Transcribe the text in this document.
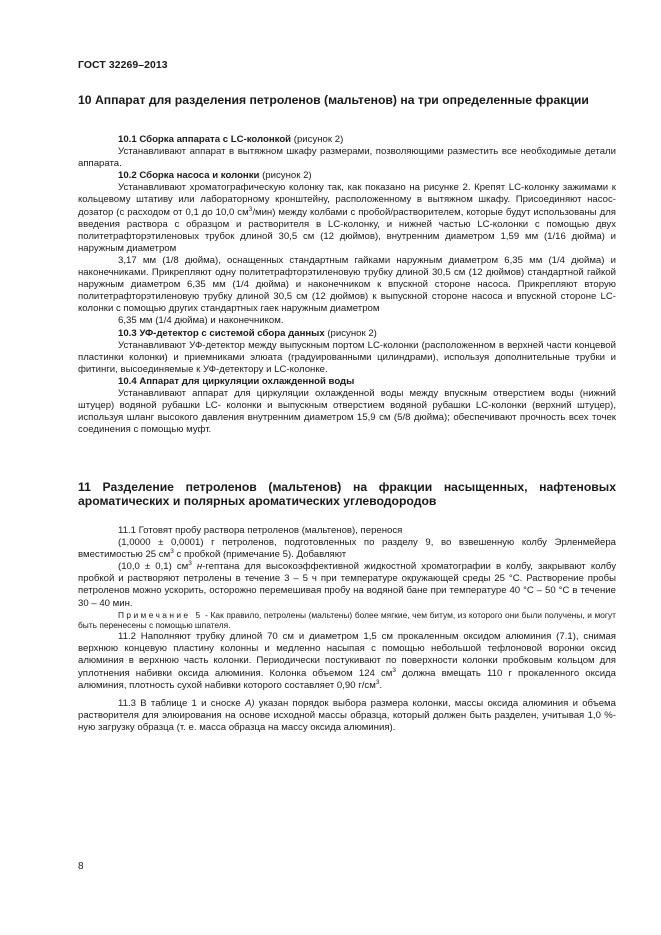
ГОСТ 32269–2013
10 Аппарат для разделения петроленов (мальтенов) на три определенные фракции

10.1 Сборка аппарата с LC-колонкой (рисунок 2)

Устанавливают аппарат в вытяжном шкафу размерами, позволяющими разместить все необходимые детали аппарата.

10.2 Сборка насоса и колонки (рисунок 2)

Устанавливают хроматографическую колонку так, как показано на рисунке 2. Крепят LC-колонку зажимами к кольцевому штативу или лабораторному кронштейну, расположенному в вытяжном шкафу. Присоединяют насос-дозатор (с расходом от 0,1 до 10,0 $см^3/мин$) между колбами с пробой/растворителем, которые будут использованы для введения раствора с образцом и растворителя в LC-колонку, и нижней частью LC-колонки с помощью двух политетрафторэтиленовых трубок длиной 30,5 см (12 дюймов), внутренним диаметром 1,59 мм (1/16 дюйма) и наружным диаметром

3,17 мм (1/8 дюйма), оснащенных стандартным гайками наружным диаметром 6,35 мм (1/4 дюйма) и наконечниками. Прикрепляют одну политетрафторэтиленовую трубку длиной 30,5 см (12 дюймов) стандартной гайкой наружным диаметром 6,35 мм (1/4 дюйма) и наконечником к впускной стороне насоса. Прикрепляют вторую политетрафторэтиленовую трубку длиной 30,5 см (12 дюймов) к выпускной стороне насоса и впускной стороне LC-колонки с помощью других стандартных гаек наружным диаметром

6,35 мм (1/4 дюйма) и наконечником.

10.3 УФ-детектор с системой сбора данных (рисунок 2)

Устанавливают УФ-детектор между выпускным портом LC-колонки (расположенном в верхней части концевой пластинки колонки) и приемниками элюата (градуированными цилиндрами), используя дополнительные трубки и фитинги, высоединяемые к УФ-детектору и LC-колонке.

10.4 Аппарат для циркуляции охлажденной воды

Устанавливают аппарат для циркуляции охлажденной воды между впускным отверстием воды (нижний штуцер) водяной рубашки LC- колонки и выпускным отверстием водяной рубашки LC-колонки (верхний штуцер), используя шланг высокого давления внутренним диаметром 15,9 см (5/8 дюйма); обеспечивают прочность всех точек соединения с помощью муфт.

11 Разделение петроленов (мальтенов) на фракции насыщенных, нафтеновых ароматических и полярных ароматических углеводородов

11.1 Готовят пробу раствора петроленов (мальтенов), перенося

(1,0000 ± 0,0001) г петроленов, подготовленных по разделу 9, во взвешенную колбу Эрленмейера вместимостью 25 $см^3$ с пробкой (примечание 5). Добавляют

(10,0 ± 0,1) $см^3$ н-гептана для высокоэффективной жидкостной хроматографии в колбу, закрывают колбу пробкой и растворяют петролены в течение 3 – 5 ч при температуре окружающей среды 25 °С. Растворение пробы петроленов можно ускорить, осторожно перемешивая пробу на водяной бане при температуре 40 °С – 50 °С в течение 30 – 40 мин.

Примечание 5 - Как правило, петролены (мальтены) более мягкие, чем битум, из которого они были получены, и могут быть перенесены с помощью шпателя.

11.2 Наполняют трубку длиной 70 см и диаметром 1,5 см прокаленным оксидом алюминия (7.1), снимая верхнюю концевую пластину колонны и медленно насыпая с помощью небольшой тефлоновой воронки оксид алюминия в верхнюю часть колонки. Периодически постукивают по поверхности колонки пробковым кольцом для уплотнения набивки оксида алюминия. Колонка объемом 124 $см^3$ должна вмещать 110 г прокаленного оксида алюминия, плотность сухой набивки которого составляет 0,90 $г/см^3$.

11.3 В таблице 1 и сноске А) указан порядок выбора размера колонки, массы оксида алюминия и объема растворителя для элюирования на основе исходной массы образца, который должен быть разделен, учитывая 1,0 %-ную загрузку образца (т. е. масса образца на массу оксида алюминия).

8
